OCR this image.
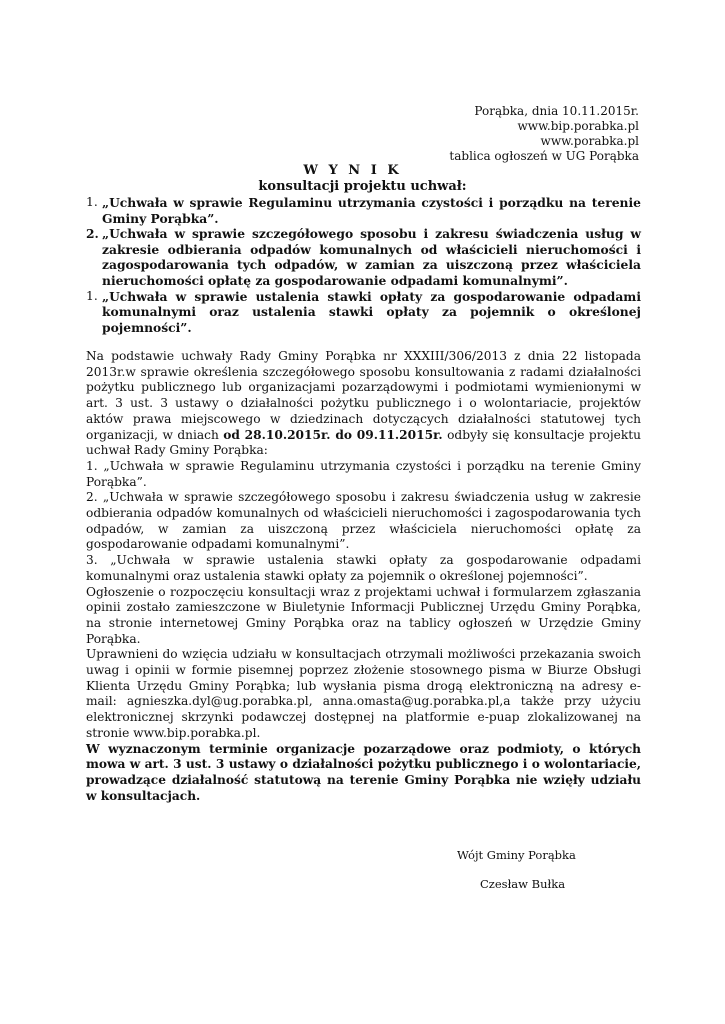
Porąbka, dnia 10.11.2015r.
www.bip.porabka.pl
www.porabka.pl
tablica ogłoszeń w UG Porąbka
W Y N I K
konsultacji projektu uchwał:
1. „Uchwała w sprawie Regulaminu utrzymania czystości i porządku na terenie Gminy Porąbka”.
2. „Uchwała w sprawie szczegółowego sposobu i zakresu świadczenia usług w zakresie odbierania odpadów komunalnych od właścicieli nieruchomości i zagospodarowania tych odpadów, w zamian za uiszczoną przez właściciela nieruchomości opłatę za gospodarowanie odpadami komunalnymi”.
1. „Uchwała w sprawie ustalenia stawki opłaty za gospodarowanie odpadami komunalnymi oraz ustalenia stawki opłaty za pojemnik o określonej pojemności”.

Na podstawie uchwały Rady Gminy Porąbka nr XXXIII/306/2013 z dnia 22 listopada 2013r.w sprawie określenia szczegółowego sposobu konsultowania z radami działalności pożytku publicznego lub organizacjami pozarządowymi i podmiotami wymienionymi w art. 3 ust. 3 ustawy o działalności pożytku publicznego i o wolontariacie, projektów aktów prawa miejscowego w dziedzinach dotyczących działalności statutowej tych organizacji, w dniach od 28.10.2015r. do 09.11.2015r. odbyły się konsultacje projektu uchwał Rady Gminy Porąbka:

1. „Uchwała w sprawie Regulaminu utrzymania czystości i porządku na terenie Gminy Porąbka”.

2. „Uchwała w sprawie szczegółowego sposobu i zakresu świadczenia usług w zakresie odbierania odpadów komunalnych od właścicieli nieruchomości i zagospodarowania tych odpadów, w zamian za uiszczoną przez właściciela nieruchomości opłatę za gospodarowanie odpadami komunalnymi”.

3. „Uchwała w sprawie ustalenia stawki opłaty za gospodarowanie odpadami komunalnymi oraz ustalenia stawki opłaty za pojemnik o określonej pojemności”.

Ogłoszenie o rozpoczęciu konsultacji wraz z projektami uchwał i formularzem zgłaszania opinii zostało zamieszczone w Biuletynie Informacji Publicznej Urzędu Gminy Porąbka, na stronie internetowej Gminy Porąbka oraz na tablicy ogłoszeń w Urzędzie Gminy Porąbka.

Uprawnieni do wzięcia udziału w konsultacjach otrzymali możliwości przekazania swoich uwag i opinii w formie pisemnej poprzez złożenie stosownego pisma w Biurze Obsługi Klienta Urzędu Gminy Porąbka; lub wysłania pisma drogą elektroniczną na adresy e-mail: agnieszka.dyl@ug.porabka.pl, anna.omasta@ug.porabka.pl,a także przy użyciu elektronicznej skrzynki podawczej dostępnej na platformie e-puap zlokalizowanej na stronie www.bip.porabka.pl.

W wyznaczonym terminie organizacje pozarządowe oraz podmioty, o których mowa w art. 3 ust. 3 ustawy o działalności pożytku publicznego i o wolontariacie, prowadzące działalność statutową na terenie Gminy Porąbka nie wzięły udziału w konsultacjach.

Wójt Gminy Porąbka
Czesław Bułka
